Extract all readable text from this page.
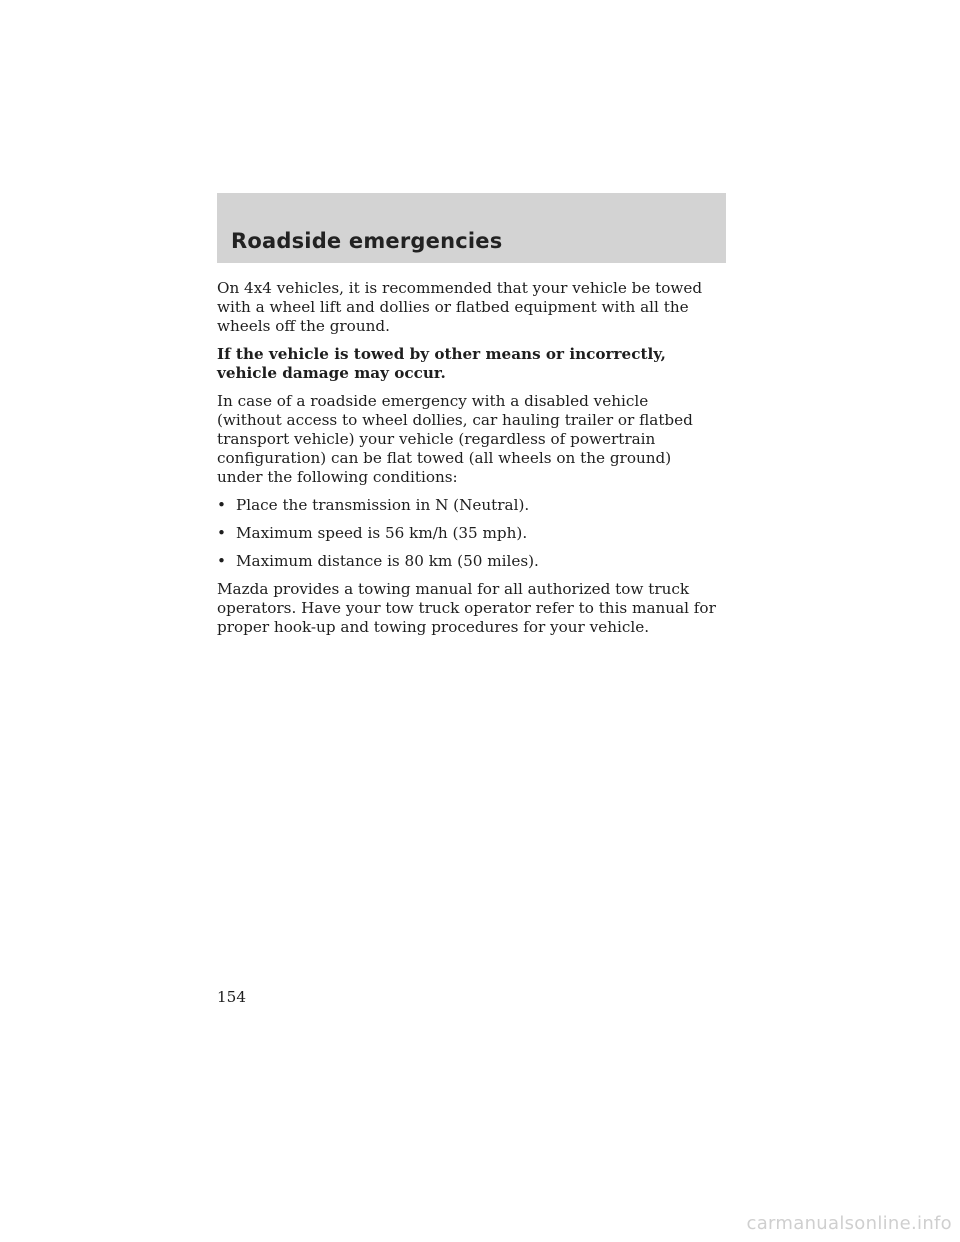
Roadside emergencies

On 4x4 vehicles, it is recommended that your vehicle be towed with a wheel lift and dollies or flatbed equipment with all the wheels off the ground.

If the vehicle is towed by other means or incorrectly, vehicle damage may occur.

In case of a roadside emergency with a disabled vehicle (without access to wheel dollies, car hauling trailer or flatbed transport vehicle) your vehicle (regardless of powertrain configuration) can be flat towed (all wheels on the ground) under the following conditions:

• Place the transmission in N (Neutral).
• Maximum speed is 56 km/h (35 mph).
• Maximum distance is 80 km (50 miles).

Mazda provides a towing manual for all authorized tow truck operators. Have your tow truck operator refer to this manual for proper hook-up and towing procedures for your vehicle.

154
carmanualsonline.info
